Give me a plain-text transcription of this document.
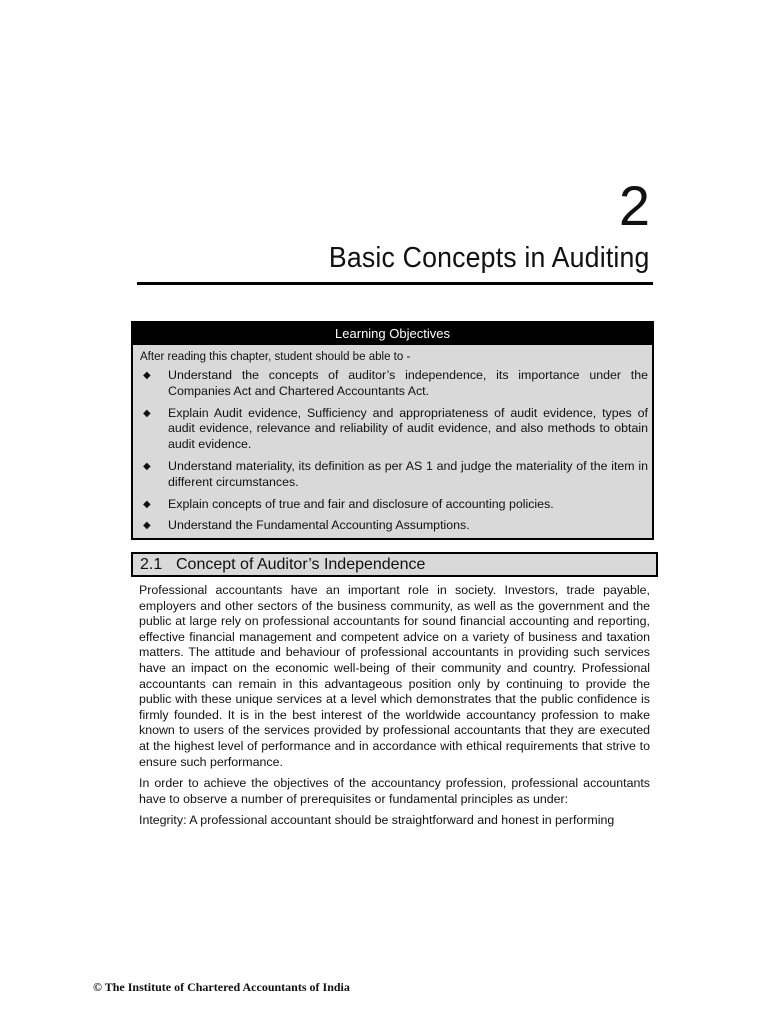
2
Basic Concepts in Auditing
Learning Objectives
After reading this chapter, student should be able to -
◆ Understand the concepts of auditor’s independence, its importance under the Companies Act and Chartered Accountants Act.
◆ Explain Audit evidence, Sufficiency and appropriateness of audit evidence, types of audit evidence, relevance and reliability of audit evidence, and also methods to obtain audit evidence.
◆ Understand materiality, its definition as per AS 1 and judge the materiality of the item in different circumstances.
◆ Explain concepts of true and fair and disclosure of accounting policies.
◆ Understand the Fundamental Accounting Assumptions.
2.1 Concept of Auditor’s Independence

Professional accountants have an important role in society. Investors, trade payable, employers and other sectors of the business community, as well as the government and the public at large rely on professional accountants for sound financial accounting and reporting, effective financial management and competent advice on a variety of business and taxation matters. The attitude and behaviour of professional accountants in providing such services have an impact on the economic well-being of their community and country. Professional accountants can remain in this advantageous position only by continuing to provide the public with these unique services at a level which demonstrates that the public confidence is firmly founded. It is in the best interest of the worldwide accountancy profession to make known to users of the services provided by professional accountants that they are executed at the highest level of performance and in accordance with ethical requirements that strive to ensure such performance.

In order to achieve the objectives of the accountancy profession, professional accountants have to observe a number of prerequisites or fundamental principles as under:

Integrity: A professional accountant should be straightforward and honest in performing

© The Institute of Chartered Accountants of India
